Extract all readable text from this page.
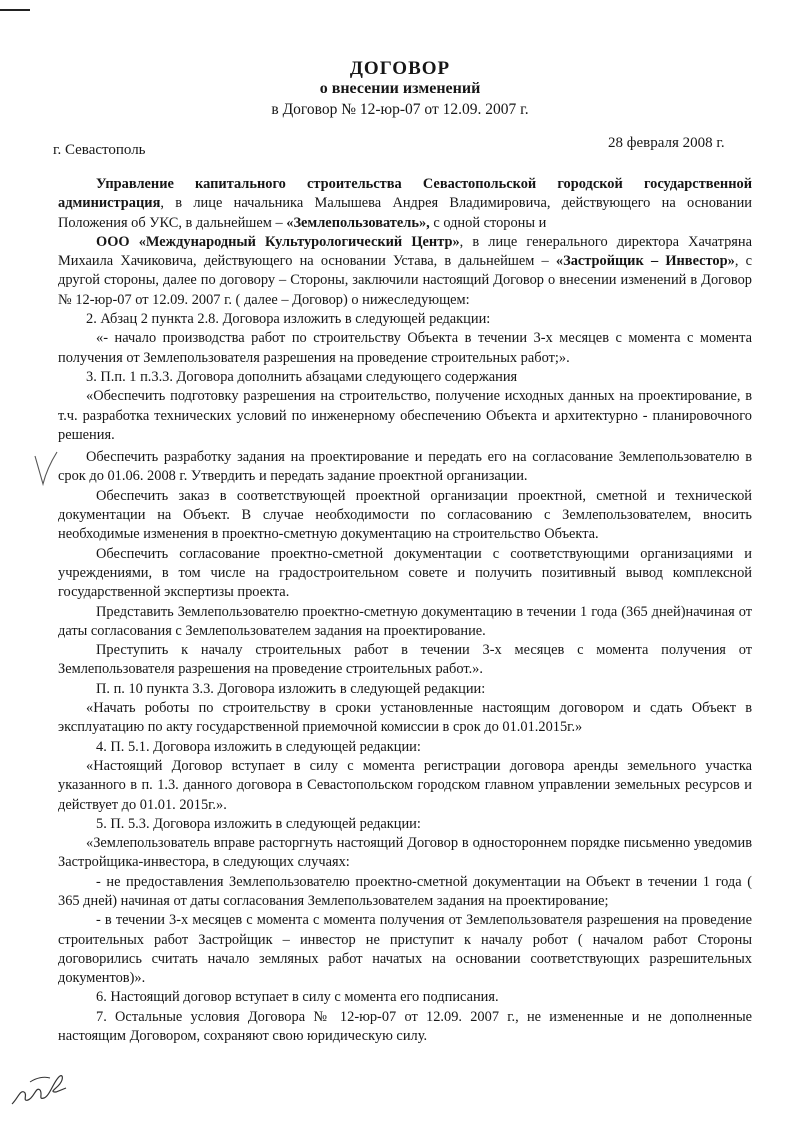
ДОГОВОР
о внесении изменений
в Договор № 12-юр-07 от 12.09. 2007 г.
г. Севастополь	28 февраля 2008 г.

Управление капитального строительства Севастопольской городской государственной администрация, в лице начальника Малышева Андрея Владимировича, действующего на основании Положения об УКС, в дальнейшем – «Землепользователь», с одной стороны и

ООО «Международный Культурологический Центр», в лице генерального директора Хачатряна Михаила Хачиковича, действующего на основании Устава, в дальнейшем – «Застройщик – Инвестор», с другой стороны, далее по договору – Стороны, заключили настоящий Договор о внесении изменений в Договор № 12-юр-07 от 12.09. 2007 г. ( далее – Договор) о нижеследующем:

2. Абзац 2 пункта 2.8. Договора изложить в следующей редакции:

«- начало производства работ по строительству Объекта в течении 3-х месяцев с момента с момента получения от Землепользователя разрешения на проведение строительных работ;».

3. П.п. 1 п.3.3. Договора дополнить абзацами следующего содержания

«Обеспечить подготовку разрешения на строительство, получение исходных данных на проектирование, в т.ч. разработка технических условий по инженерному обеспечению Объекта и архитектурно - планировочного решения.

Обеспечить разработку задания на проектирование и передать его на согласование Землепользователю в срок до 01.06. 2008 г. Утвердить и передать задание проектной организации.

Обеспечить заказ в соответствующей проектной организации проектной, сметной и технической документации на Объект. В случае необходимости по согласованию с Землепользователем, вносить необходимые изменения в проектно-сметную документацию на строительство Объекта.

Обеспечить согласование проектно-сметной документации с соответствующими организациями и учреждениями, в том числе на градостроительном совете и получить позитивный вывод комплексной государственной экспертизы проекта.

Представить Землепользователю проектно-сметную документацию в течении 1 года (365 дней)начиная от даты согласования с Землепользователем задания на проектирование.

Преступить к началу строительных работ в течении 3-х месяцев с момента получения от Землепользователя разрешения на проведение строительных работ.».

П. п. 10 пункта 3.3. Договора изложить в следующей редакции:

«Начать роботы по строительству в сроки установленные настоящим договором и сдать Объект в эксплуатацию по акту государственной приемочной комиссии в срок до 01.01.2015г.»

4. П. 5.1. Договора изложить в следующей редакции:

«Настоящий Договор вступает в силу с момента регистрации договора аренды земельного участка указанного в п. 1.3. данного договора в Севастопольском городском главном управлении земельных ресурсов и действует до 01.01. 2015г.».

5. П. 5.3. Договора изложить в следующей редакции:

«Землепользователь вправе расторгнуть настоящий Договор в одностороннем порядке письменно уведомив Застройщика-инвестора, в следующих случаях:

- не предоставления Землепользователю проектно-сметной документации на Объект в течении 1 года ( 365 дней) начиная от даты согласования Землепользователем задания на проектирование;

- в течении 3-х месяцев с момента с момента получения от Землепользователя разрешения на проведение строительных работ Застройщик – инвестор не приступит к началу робот ( началом работ Стороны договорились считать начало земляных работ начатых на основании соответствующих разрешительных документов)».

6. Настоящий договор вступает в силу с момента его подписания.

7. Остальные условия Договора № 12-юр-07 от 12.09. 2007 г., не измененные и не дополненные настоящим Договором, сохраняют свою юридическую силу.
